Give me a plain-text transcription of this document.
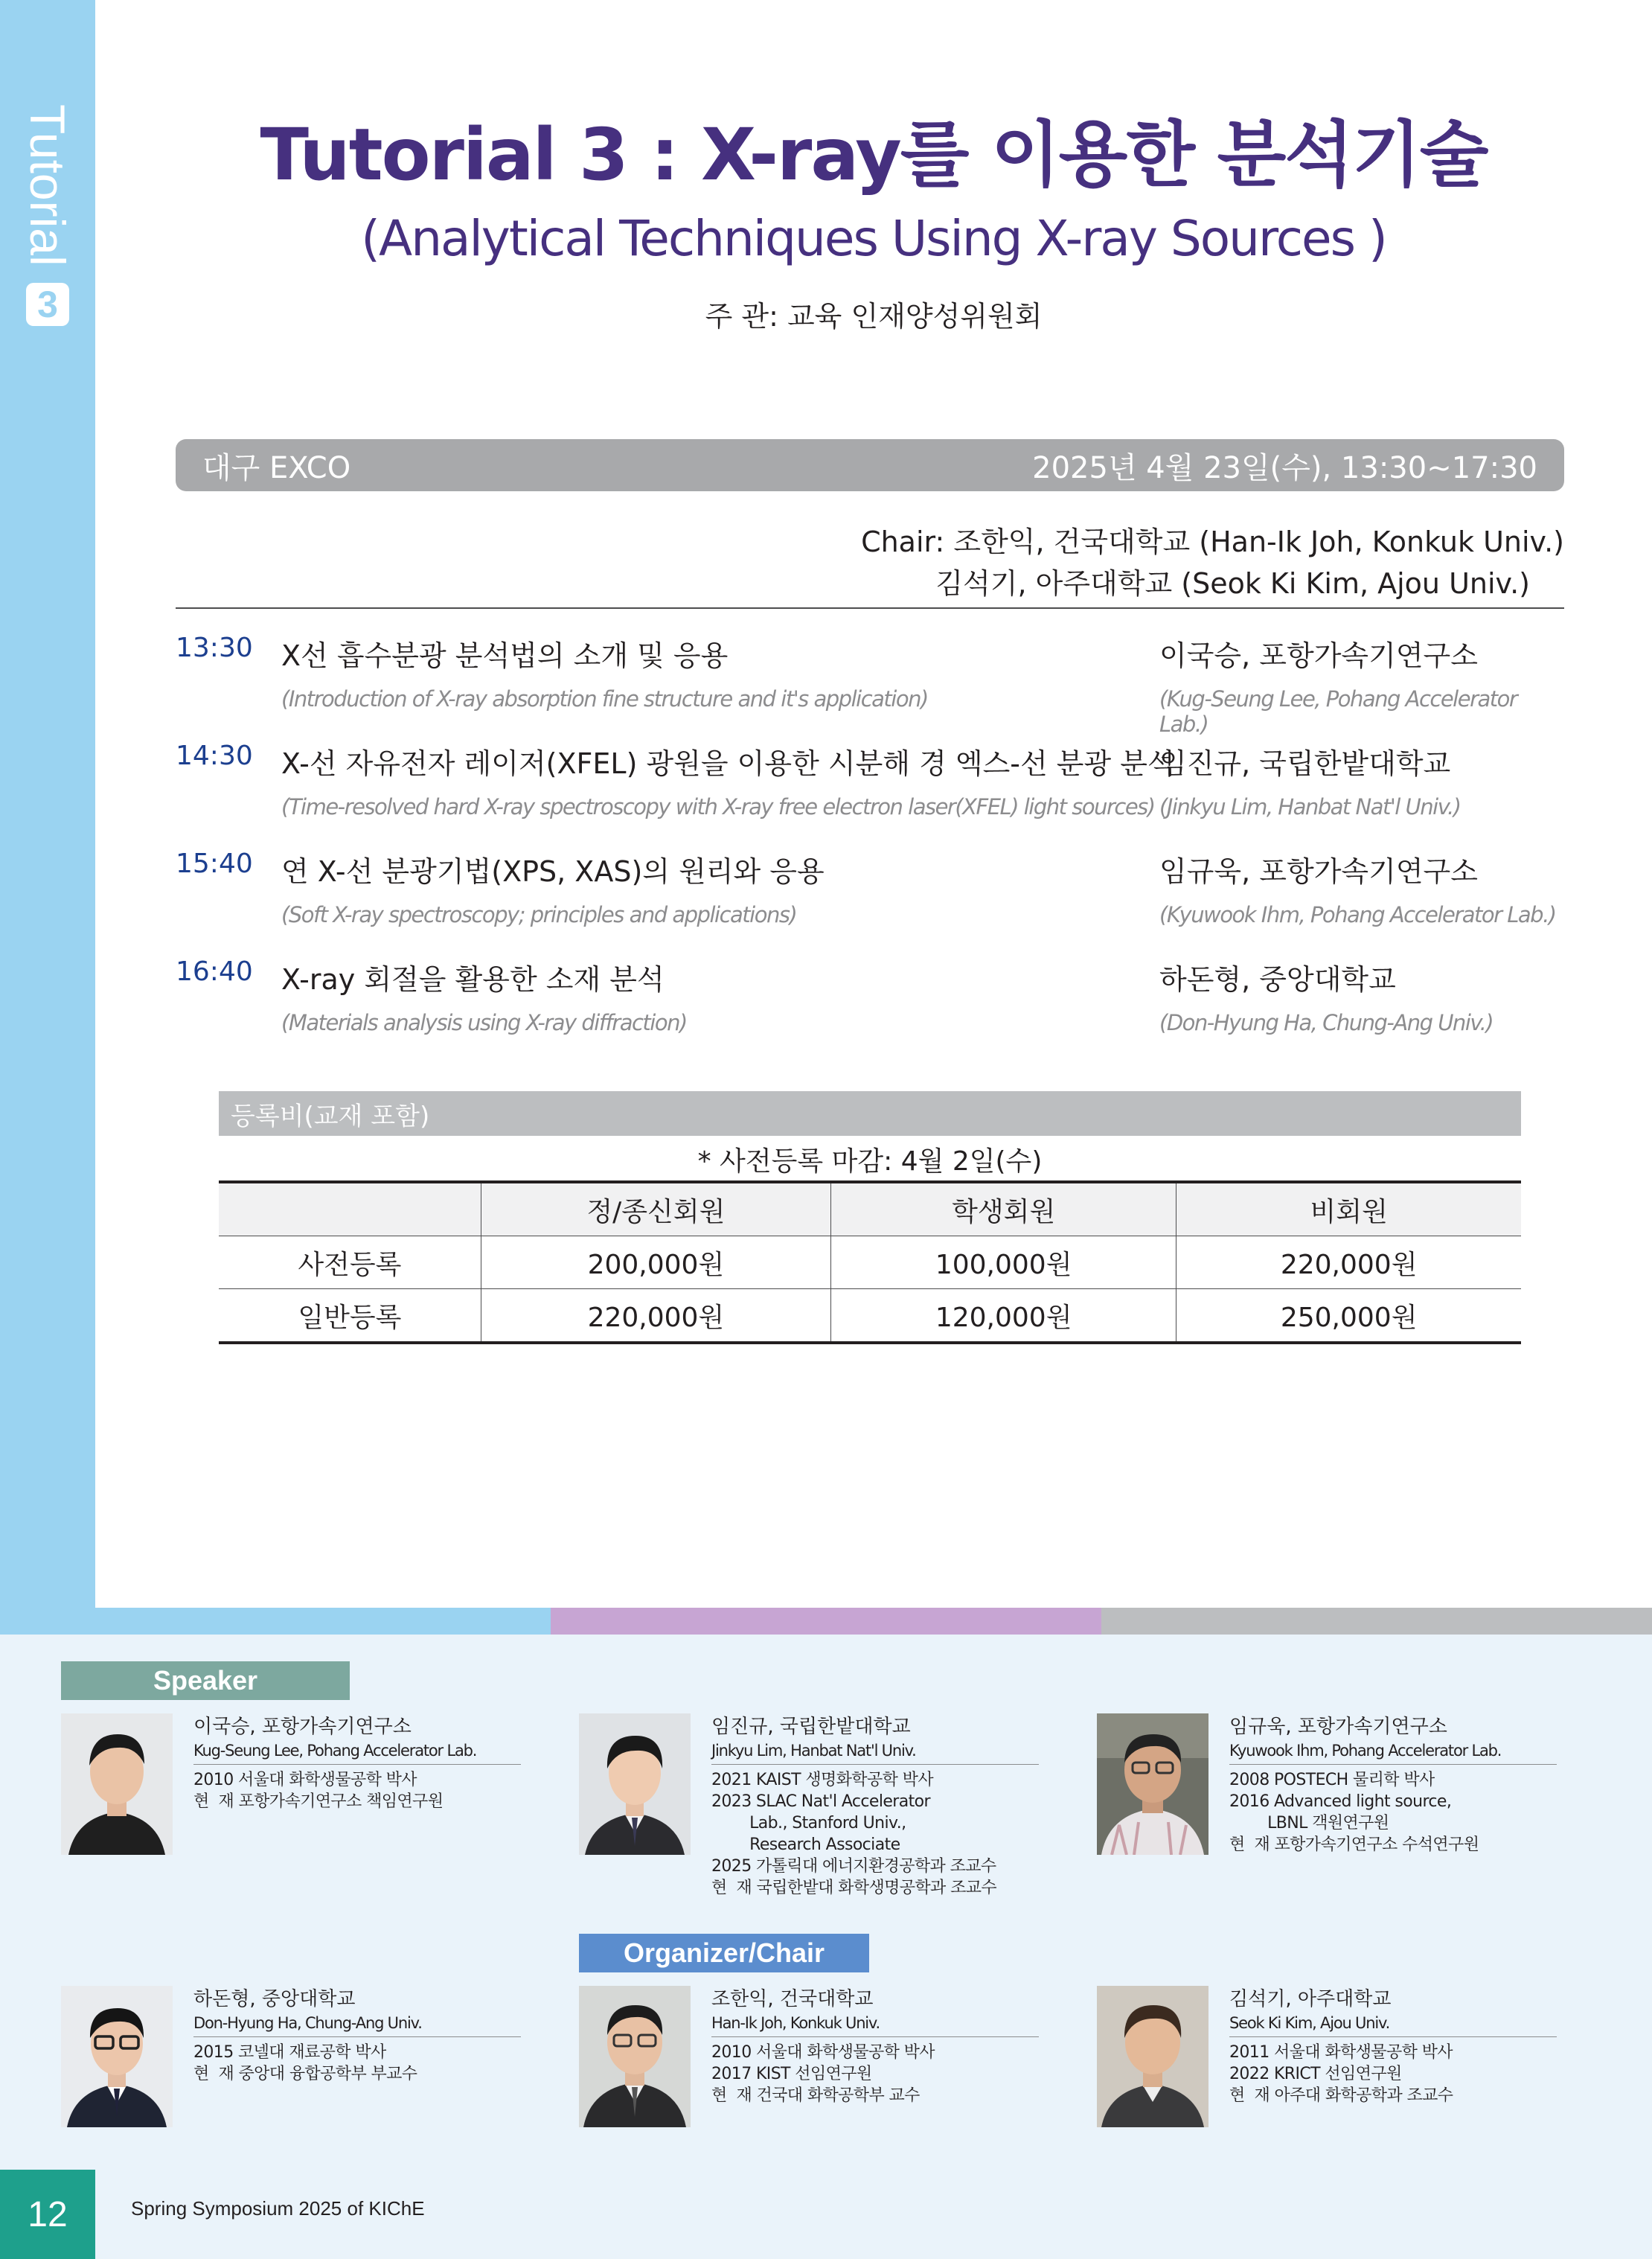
Tutorial
3
Tutorial 3 : X-ray를 이용한 분석기술
(Analytical Techniques Using X-ray Sources )
주 관: 교육 인재양성위원회
대구 EXCO	2025년 4월 23일(수), 13:30~17:30
Chair: 조한익, 건국대학교 (Han-Ik Joh, Konkuk Univ.)
김석기, 아주대학교 (Seok Ki Kim, Ajou Univ.)
13:30 X선 흡수분광 분석법의 소개 및 응용
(Introduction of X-ray absorption fine structure and it's application)
이국승, 포항가속기연구소
(Kug-Seung Lee, Pohang Accelerator Lab.)
14:30 X-선 자유전자 레이저(XFEL) 광원을 이용한 시분해 경 엑스-선 분광 분석
(Time-resolved hard X-ray spectroscopy with X-ray free electron laser(XFEL) light sources)
임진규, 국립한밭대학교
(Jinkyu Lim, Hanbat Nat'l Univ.)
15:40 연 X-선 분광기법(XPS, XAS)의 원리와 응용
(Soft X-ray spectroscopy; principles and applications)
임규욱, 포항가속기연구소
(Kyuwook Ihm, Pohang Accelerator Lab.)
16:40 X-ray 회절을 활용한 소재 분석
(Materials analysis using X-ray diffraction)
하돈형, 중앙대학교
(Don-Hyung Ha, Chung-Ang Univ.)
등록비(교재 포함)
* 사전등록 마감: 4월 2일(수)
	정/종신회원	학생회원	비회원
사전등록	200,000원	100,000원	220,000원
일반등록	220,000원	120,000원	250,000원
Speaker
Organizer/Chair
이국승, 포항가속기연구소
Kug-Seung Lee, Pohang Accelerator Lab.
2010 서울대 화학생물공학 박사
현  재 포항가속기연구소 책임연구원
임진규, 국립한밭대학교
Jinkyu Lim, Hanbat Nat'l Univ.
2021 KAIST 생명화학공학 박사
2023 SLAC Nat'l Accelerator
Lab., Stanford Univ.,
Research Associate
2025 가톨릭대 에너지환경공학과 조교수
현  재 국립한밭대 화학생명공학과 조교수
임규욱, 포항가속기연구소
Kyuwook Ihm, Pohang Accelerator Lab.
2008 POSTECH 물리학 박사
2016 Advanced light source,
LBNL 객원연구원
현  재 포항가속기연구소 수석연구원
하돈형, 중앙대학교
Don-Hyung Ha, Chung-Ang Univ.
2015 코넬대 재료공학 박사
현  재 중앙대 융합공학부 부교수
조한익, 건국대학교
Han-Ik Joh, Konkuk Univ.
2010 서울대 화학생물공학 박사
2017 KIST 선임연구원
현  재 건국대 화학공학부 교수
김석기, 아주대학교
Seok Ki Kim, Ajou Univ.
2011 서울대 화학생물공학 박사
2022 KRICT 선임연구원
현  재 아주대 화학공학과 조교수
12	Spring Symposium 2025 of KIChE
